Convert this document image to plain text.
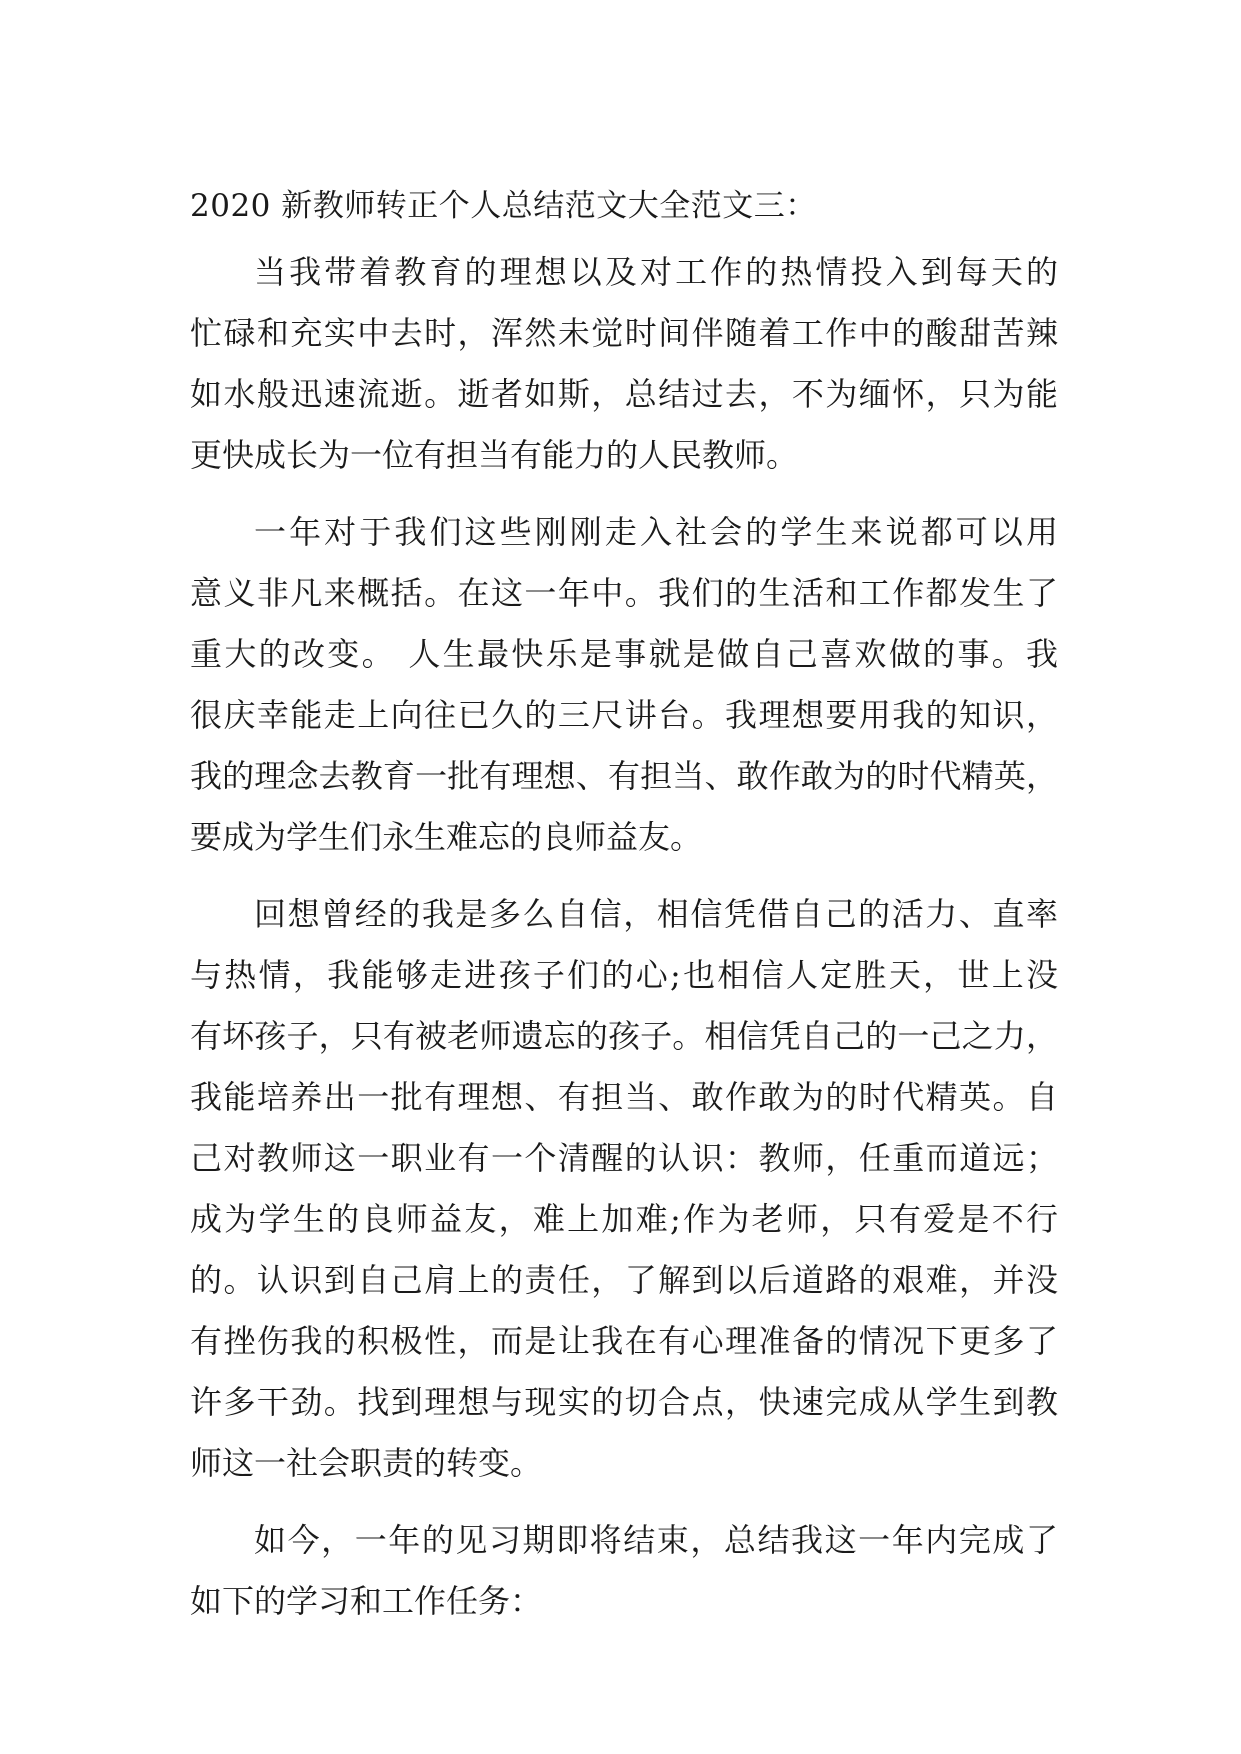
2020 新教师转正个人总结范文大全范文三：
当我带着教育的理想以及对工作的热情投入到每天的
忙碌和充实中去时，浑然未觉时间伴随着工作中的酸甜苦辣
如水般迅速流逝。逝者如斯，总结过去，不为缅怀，只为能
更快成长为一位有担当有能力的人民教师。
一年对于我们这些刚刚走入社会的学生来说都可以用
意义非凡来概括。在这一年中。我们的生活和工作都发生了
重大的改变。 人生最快乐是事就是做自己喜欢做的事。我
很庆幸能走上向往已久的三尺讲台。我理想要用我的知识，
我的理念去教育一批有理想、有担当、敢作敢为的时代精英，
要成为学生们永生难忘的良师益友。
回想曾经的我是多么自信，相信凭借自己的活力、直率
与热情，我能够走进孩子们的心;也相信人定胜天，世上没
有坏孩子，只有被老师遗忘的孩子。相信凭自己的一己之力，
我能培养出一批有理想、有担当、敢作敢为的时代精英。自
己对教师这一职业有一个清醒的认识：教师，任重而道远；
成为学生的良师益友，难上加难;作为老师，只有爱是不行
的。认识到自己肩上的责任，了解到以后道路的艰难，并没
有挫伤我的积极性，而是让我在有心理准备的情况下更多了
许多干劲。找到理想与现实的切合点，快速完成从学生到教
师这一社会职责的转变。
如今，一年的见习期即将结束，总结我这一年内完成了
如下的学习和工作任务：
